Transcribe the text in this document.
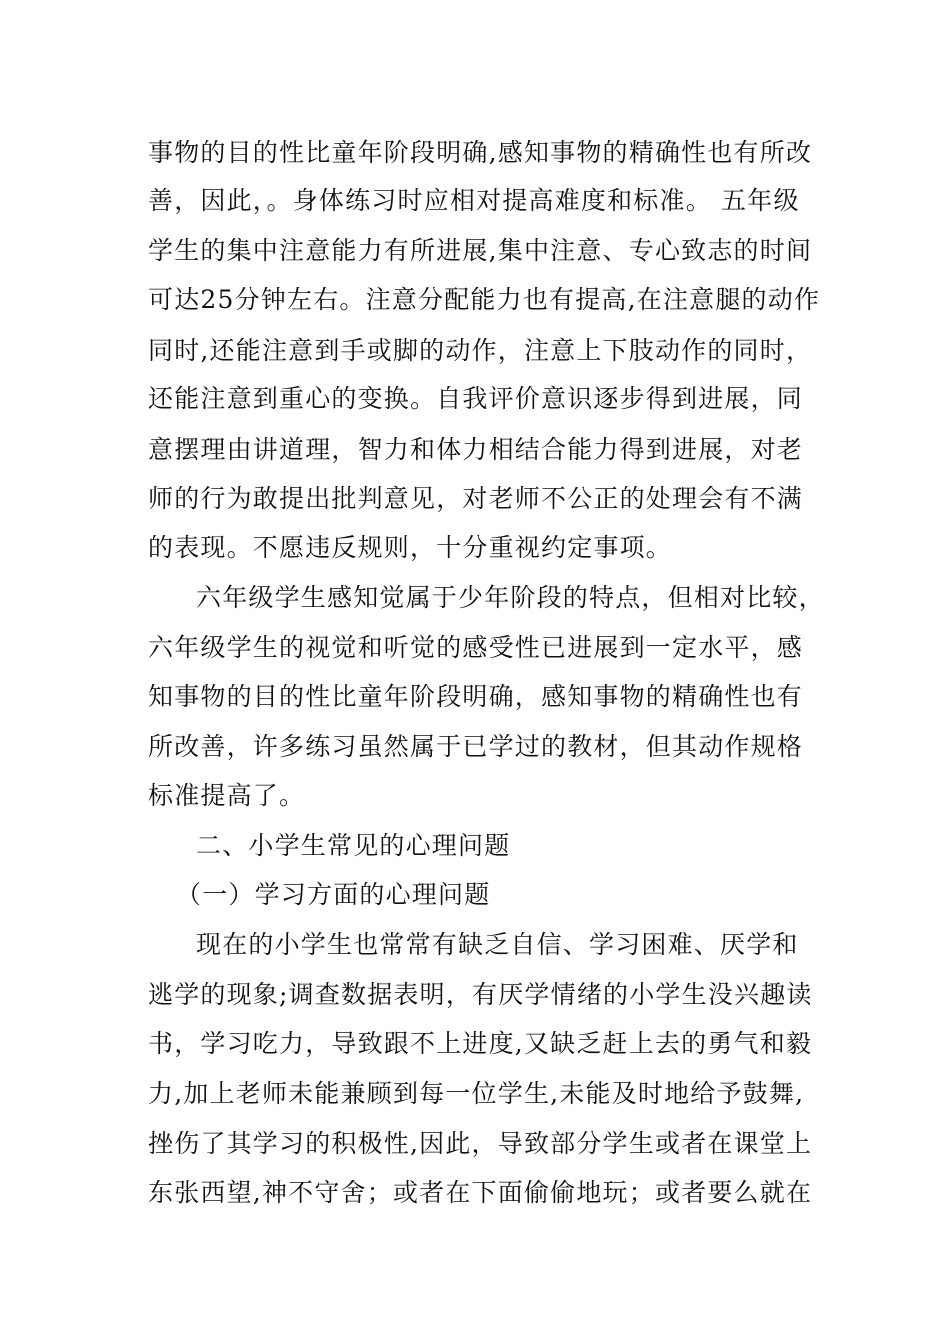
事物的目的性比童年阶段明确,感知事物的精确性也有所改
善，因此，。身体练习时应相对提高难度和标准。 五年级
学生的集中注意能力有所进展,集中注意、专心致志的时间
可达25分钟左右。注意分配能力也有提高,在注意腿的动作
同时,还能注意到手或脚的动作，注意上下肢动作的同时，
还能注意到重心的变换。自我评价意识逐步得到进展，同
意摆理由讲道理，智力和体力相结合能力得到进展，对老
师的行为敢提出批判意见，对老师不公正的处理会有不满
的表现。不愿违反规则，十分重视约定事项。
六年级学生感知觉属于少年阶段的特点，但相对比较，
六年级学生的视觉和听觉的感受性已进展到一定水平，感
知事物的目的性比童年阶段明确，感知事物的精确性也有
所改善，许多练习虽然属于已学过的教材，但其动作规格
标准提高了。
二、小学生常见的心理问题
（一）学习方面的心理问题
现在的小学生也常常有缺乏自信、学习困难、厌学和
逃学的现象;调查数据表明，有厌学情绪的小学生没兴趣读
书，学习吃力，导致跟不上进度,又缺乏赶上去的勇气和毅
力,加上老师未能兼顾到每一位学生,未能及时地给予鼓舞,
挫伤了其学习的积极性,因此，导致部分学生或者在课堂上
东张西望,神不守舍；或者在下面偷偷地玩；或者要么就在
